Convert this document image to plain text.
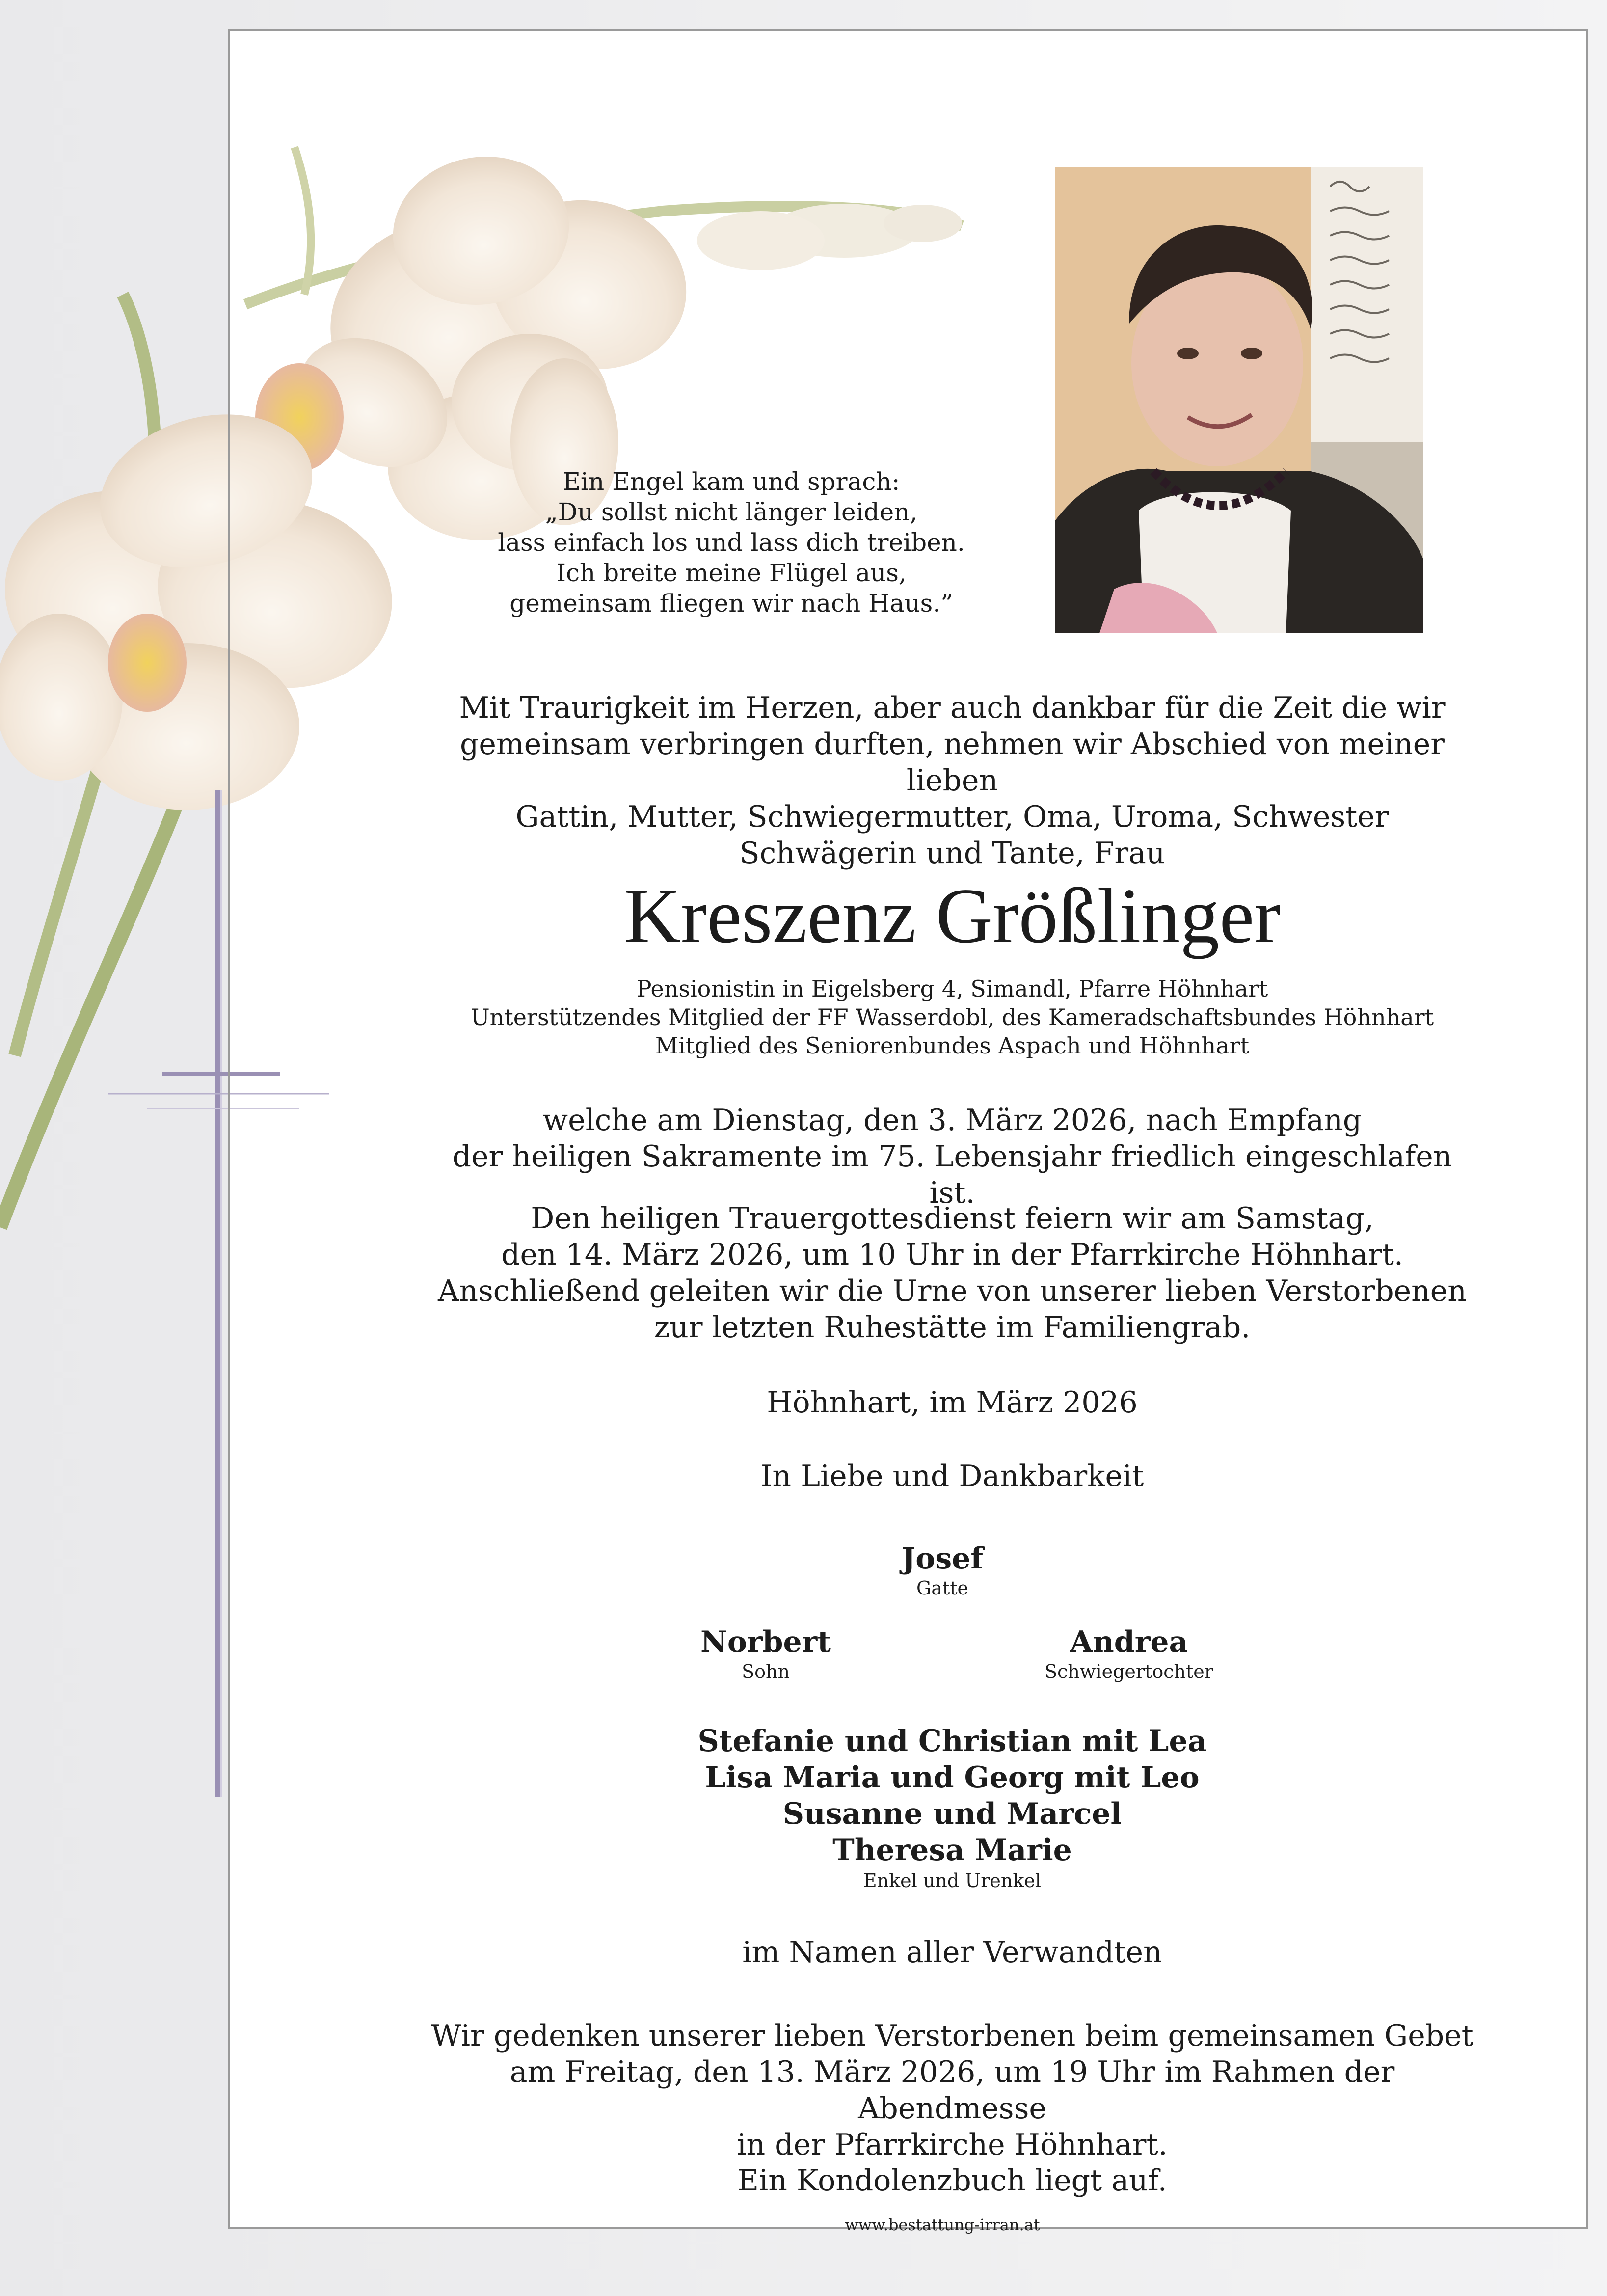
Ein Engel kam und sprach:
„Du sollst nicht länger leiden,
lass einfach los und lass dich treiben.
Ich breite meine Flügel aus,
gemeinsam fliegen wir nach Haus.”
Mit Traurigkeit im Herzen, aber auch dankbar für die Zeit die wir
gemeinsam verbringen durften, nehmen wir Abschied von meiner lieben
Gattin, Mutter, Schwiegermutter, Oma, Uroma, Schwester
Schwägerin und Tante, Frau
Kreszenz Größlinger
Pensionistin in Eigelsberg 4, Simandl, Pfarre Höhnhart
Unterstützendes Mitglied der FF Wasserdobl, des Kameradschaftsbundes Höhnhart
Mitglied des Seniorenbundes Aspach und Höhnhart
welche am Dienstag, den 3. März 2026, nach Empfang
der heiligen Sakramente im 75. Lebensjahr friedlich eingeschlafen ist.
Den heiligen Trauergottesdienst feiern wir am Samstag,
den 14. März 2026, um 10 Uhr in der Pfarrkirche Höhnhart.
Anschließend geleiten wir die Urne von unserer lieben Verstorbenen
zur letzten Ruhestätte im Familiengrab.
Höhnhart, im März 2026
In Liebe und Dankbarkeit
Josef
Gatte
Norbert
Sohn
Andrea
Schwiegertochter
Stefanie und Christian mit Lea
Lisa Maria und Georg mit Leo
Susanne und Marcel
Theresa Marie
Enkel und Urenkel
im Namen aller Verwandten
Wir gedenken unserer lieben Verstorbenen beim gemeinsamen Gebet
am Freitag, den 13. März 2026, um 19 Uhr im Rahmen der Abendmesse
in der Pfarrkirche Höhnhart.
Ein Kondolenzbuch liegt auf.
www.bestattung-irran.at
